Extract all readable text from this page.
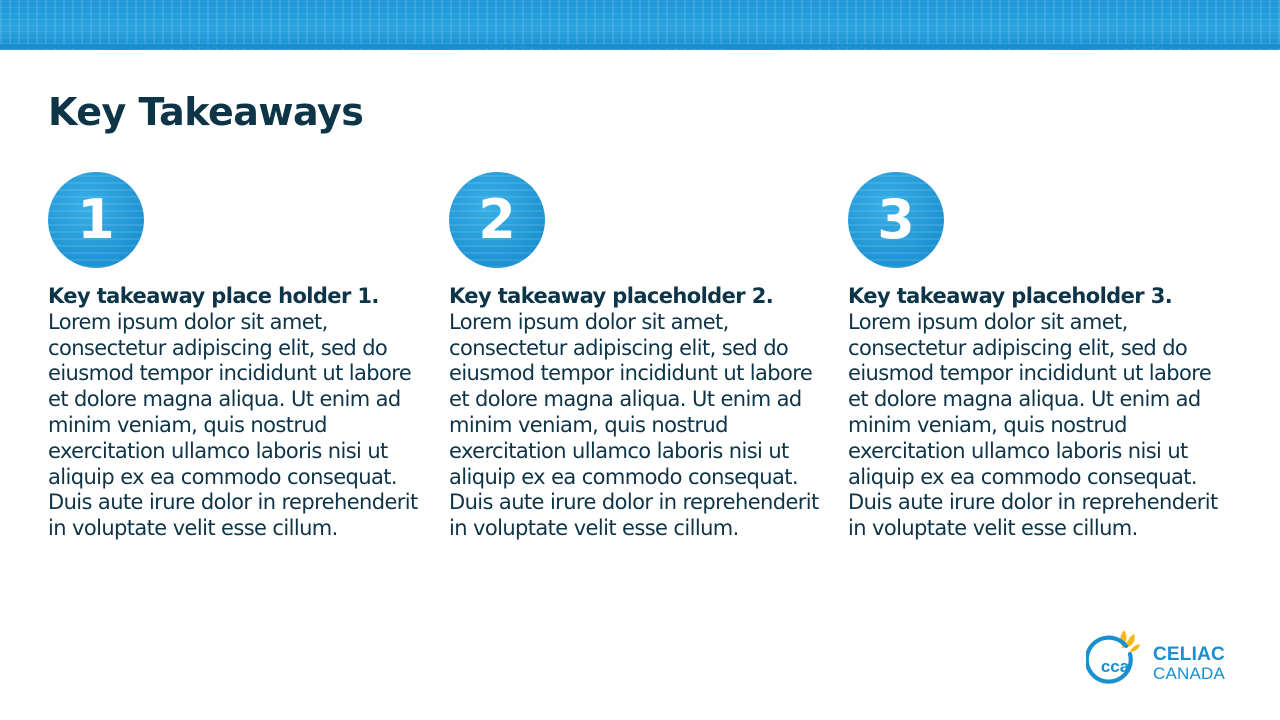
Key Takeaways
1
Key takeaway place holder 1.
Lorem ipsum dolor sit amet, consectetur adipiscing elit, sed do eiusmod tempor incididunt ut labore et dolore magna aliqua. Ut enim ad minim veniam, quis nostrud exercitation ullamco laboris nisi ut aliquip ex ea commodo consequat. Duis aute irure dolor in reprehenderit in voluptate velit esse cillum.
2
Key takeaway placeholder 2.
Lorem ipsum dolor sit amet, consectetur adipiscing elit, sed do eiusmod tempor incididunt ut labore et dolore magna aliqua. Ut enim ad minim veniam, quis nostrud exercitation ullamco laboris nisi ut aliquip ex ea commodo consequat. Duis aute irure dolor in reprehenderit in voluptate velit esse cillum.
3
Key takeaway placeholder 3.
Lorem ipsum dolor sit amet, consectetur adipiscing elit, sed do eiusmod tempor incididunt ut labore et dolore magna aliqua. Ut enim ad minim veniam, quis nostrud exercitation ullamco laboris nisi ut aliquip ex ea commodo consequat. Duis aute irure dolor in reprehenderit in voluptate velit esse cillum.
cca
CELIAC
CANADA
